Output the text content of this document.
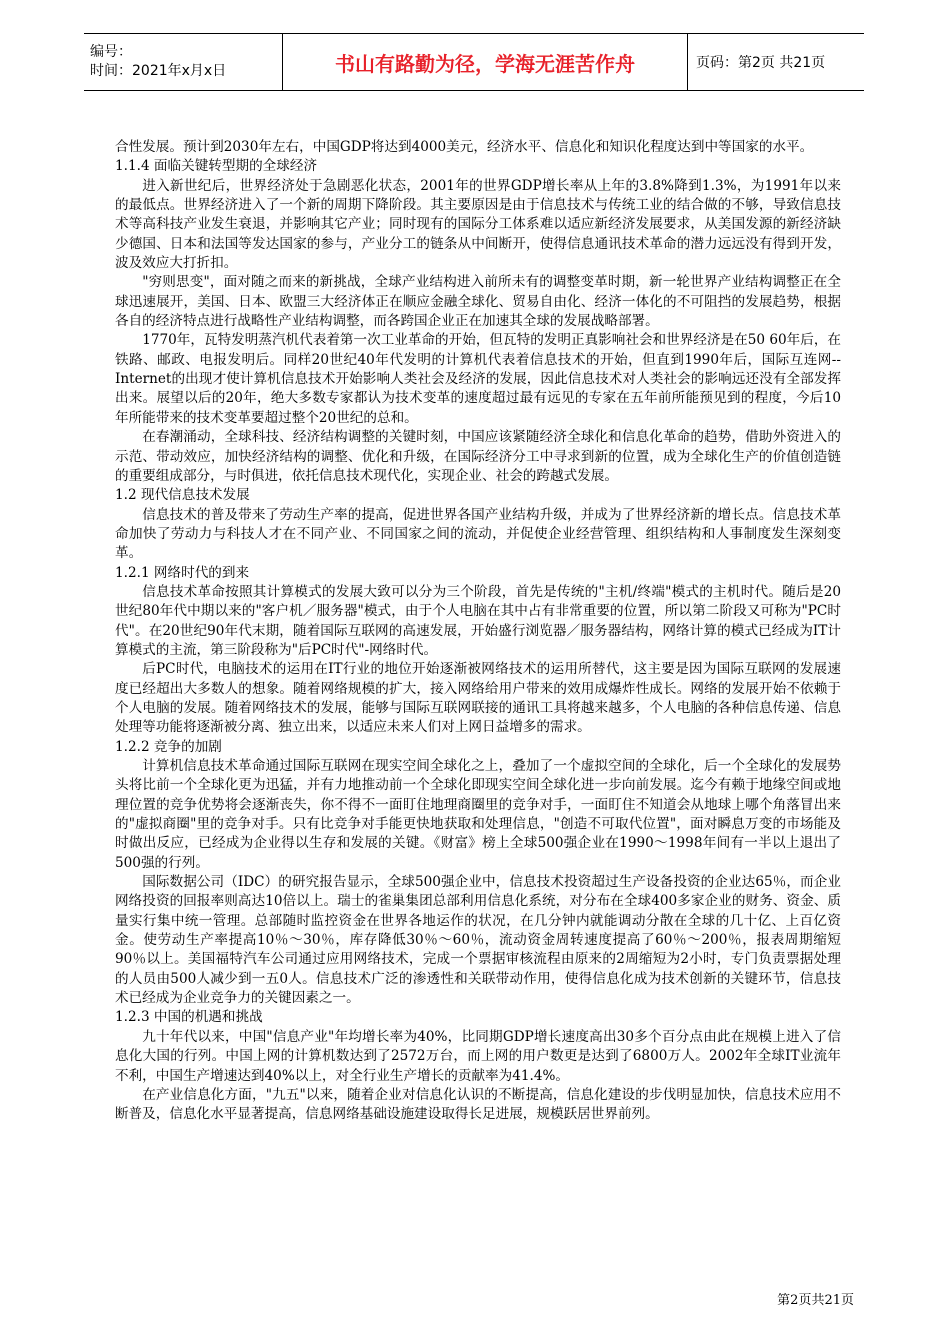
编号：
时间：2021年x月x日	书山有路勤为径，学海无涯苦作舟	页码：第2页 共21页

合性发展。预计到2030年左右，中国GDP将达到4000美元，经济水平、信息化和知识化程度达到中等国家的水平。

1.1.4 面临关键转型期的全球经济

进入新世纪后，世界经济处于急剧恶化状态，2001年的世界GDP增长率从上年的3.8%降到1.3%，为1991年以来的最低点。世界经济进入了一个新的周期下降阶段。其主要原因是由于信息技术与传统工业的结合做的不够，导致信息技术等高科技产业发生衰退，并影响其它产业；同时现有的国际分工体系难以适应新经济发展要求，从美国发源的新经济缺少德国、日本和法国等发达国家的参与，产业分工的链条从中间断开，使得信息通讯技术革命的潜力远远没有得到开发，波及效应大打折扣。

"穷则思变"，面对随之而来的新挑战，全球产业结构进入前所未有的调整变革时期，新一轮世界产业结构调整正在全球迅速展开，美国、日本、欧盟三大经济体正在顺应金融全球化、贸易自由化、经济一体化的不可阻挡的发展趋势，根据各自的经济特点进行战略性产业结构调整，而各跨国企业正在加速其全球的发展战略部署。

1770年，瓦特发明蒸汽机代表着第一次工业革命的开始，但瓦特的发明正真影响社会和世界经济是在50 60年后，在铁路、邮政、电报发明后。同样20世纪40年代发明的计算机代表着信息技术的开始，但直到1990年后，国际互连网-- Internet的出现才使计算机信息技术开始影响人类社会及经济的发展，因此信息技术对人类社会的影响远还没有全部发挥出来。展望以后的20年，绝大多数专家都认为技术变革的速度超过最有远见的专家在五年前所能预见到的程度，今后10年所能带来的技术变革要超过整个20世纪的总和。

在春潮涌动，全球科技、经济结构调整的关键时刻，中国应该紧随经济全球化和信息化革命的趋势，借助外资进入的示范、带动效应，加快经济结构的调整、优化和升级，在国际经济分工中寻求到新的位置，成为全球化生产的价值创造链的重要组成部分，与时俱进，依托信息技术现代化，实现企业、社会的跨越式发展。

1.2 现代信息技术发展

信息技术的普及带来了劳动生产率的提高，促进世界各国产业结构升级，并成为了世界经济新的增长点。信息技术革命加快了劳动力与科技人才在不同产业、不同国家之间的流动，并促使企业经营管理、组织结构和人事制度发生深刻变革。

1.2.1 网络时代的到来

信息技术革命按照其计算模式的发展大致可以分为三个阶段，首先是传统的"主机/终端"模式的主机时代。随后是20世纪80年代中期以来的"客户机／服务器"模式，由于个人电脑在其中占有非常重要的位置，所以第二阶段又可称为"PC时代"。在20世纪90年代末期，随着国际互联网的高速发展，开始盛行浏览器／服务器结构，网络计算的模式已经成为IT计算模式的主流，第三阶段称为"后PC时代"-网络时代。

后PC时代，电脑技术的运用在IT行业的地位开始逐渐被网络技术的运用所替代，这主要是因为国际互联网的发展速度已经超出大多数人的想象。随着网络规模的扩大，接入网络给用户带来的效用成爆炸性成长。网络的发展开始不依赖于个人电脑的发展。随着网络技术的发展，能够与国际互联网联接的通讯工具将越来越多，个人电脑的各种信息传递、信息处理等功能将逐渐被分离、独立出来，以适应未来人们对上网日益增多的需求。

1.2.2 竞争的加剧

计算机信息技术革命通过国际互联网在现实空间全球化之上，叠加了一个虚拟空间的全球化，后一个全球化的发展势头将比前一个全球化更为迅猛，并有力地推动前一个全球化即现实空间全球化进一步向前发展。迄今有赖于地缘空间或地理位置的竞争优势将会逐渐丧失，你不得不一面盯住地理商圈里的竞争对手，一面盯住不知道会从地球上哪个角落冒出来的"虚拟商圈"里的竞争对手。只有比竞争对手能更快地获取和处理信息，"创造不可取代位置"，面对瞬息万变的市场能及时做出反应，已经成为企业得以生存和发展的关键。《财富》榜上全球500强企业在1990～1998年间有一半以上退出了500强的行列。

国际数据公司（IDC）的研究报告显示，全球500强企业中，信息技术投资超过生产设备投资的企业达65％，而企业网络投资的回报率则高达10倍以上。瑞士的雀巢集团总部利用信息化系统，对分布在全球400多家企业的财务、资金、质量实行集中统一管理。总部随时监控资金在世界各地运作的状况，在几分钟内就能调动分散在全球的几十亿、上百亿资金。使劳动生产率提高10％～30％，库存降低30％～60％，流动资金周转速度提高了60％～200％，报表周期缩短90％以上。美国福特汽车公司通过应用网络技术，完成一个票据审核流程由原来的2周缩短为2小时，专门负责票据处理的人员由500人减少到一五0人。信息技术广泛的渗透性和关联带动作用，使得信息化成为技术创新的关键环节，信息技术已经成为企业竞争力的关键因素之一。

1.2.3 中国的机遇和挑战

九十年代以来，中国"信息产业"年均增长率为40%，比同期GDP增长速度高出30多个百分点由此在规模上进入了信息化大国的行列。中国上网的计算机数达到了2572万台，而上网的用户数更是达到了6800万人。2002年全球IT业流年不利，中国生产增速达到40%以上，对全行业生产增长的贡献率为41.4%。

在产业信息化方面，"九五"以来，随着企业对信息化认识的不断提高，信息化建设的步伐明显加快，信息技术应用不断普及，信息化水平显著提高，信息网络基础设施建设取得长足进展，规模跃居世界前列。

第2页共21页
